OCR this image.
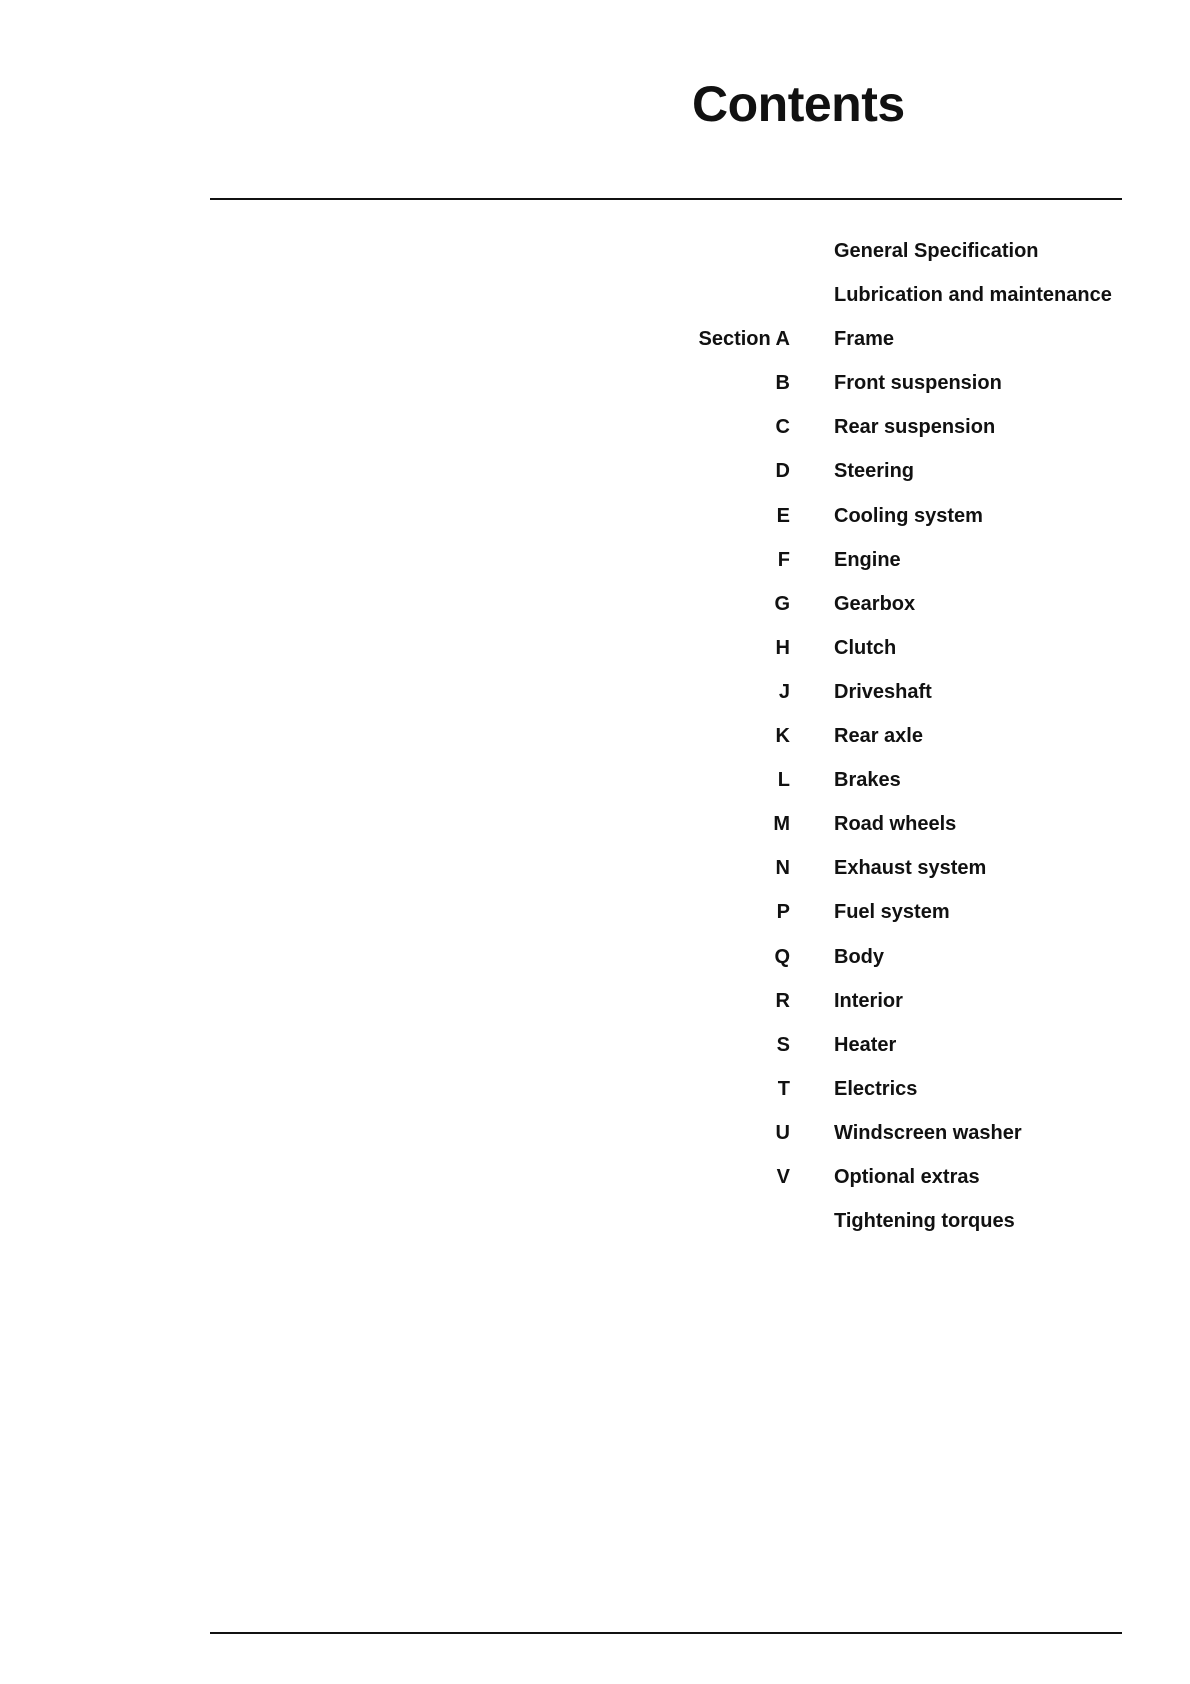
Contents
General Specification
Lubrication and maintenance
Section A Frame
B Front suspension
C Rear suspension
D Steering
E Cooling system
F Engine
G Gearbox
H Clutch
J Driveshaft
K Rear axle
L Brakes
M Road wheels
N Exhaust system
P Fuel system
Q Body
R Interior
S Heater
T Electrics
U Windscreen washer
V Optional extras
Tightening torques
